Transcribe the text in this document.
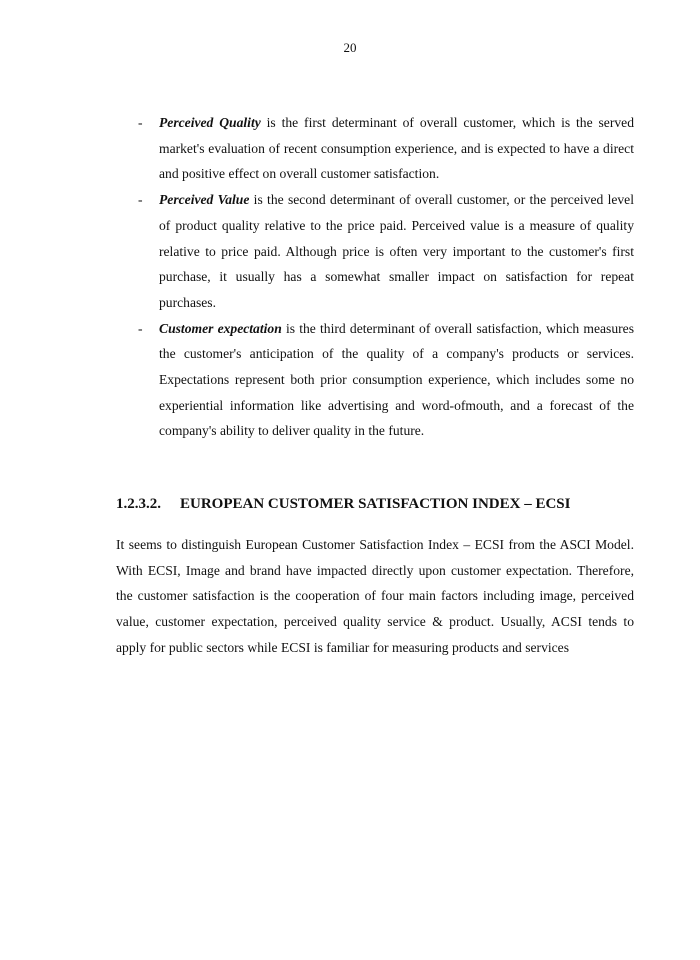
20
- Perceived Quality is the first determinant of overall customer, which is the served market's evaluation of recent consumption experience, and is expected to have a direct and positive effect on overall customer satisfaction.
- Perceived Value is the second determinant of overall customer, or the perceived level of product quality relative to the price paid. Perceived value is a measure of quality relative to price paid. Although price is often very important to the customer's first purchase, it usually has a somewhat smaller impact on satisfaction for repeat purchases.
- Customer expectation is the third determinant of overall satisfaction, which measures the customer's anticipation of the quality of a company's products or services. Expectations represent both prior consumption experience, which includes some no experiential information like advertising and word-ofmouth, and a forecast of the company's ability to deliver quality in the future.
1.2.3.2. EUROPEAN CUSTOMER SATISFACTION INDEX – ECSI

It seems to distinguish European Customer Satisfaction Index – ECSI from the ASCI Model. With ECSI, Image and brand have impacted directly upon customer expectation. Therefore, the customer satisfaction is the cooperation of four main factors including image, perceived value, customer expectation, perceived quality service & product. Usually, ACSI tends to apply for public sectors while ECSI is familiar for measuring products and services
